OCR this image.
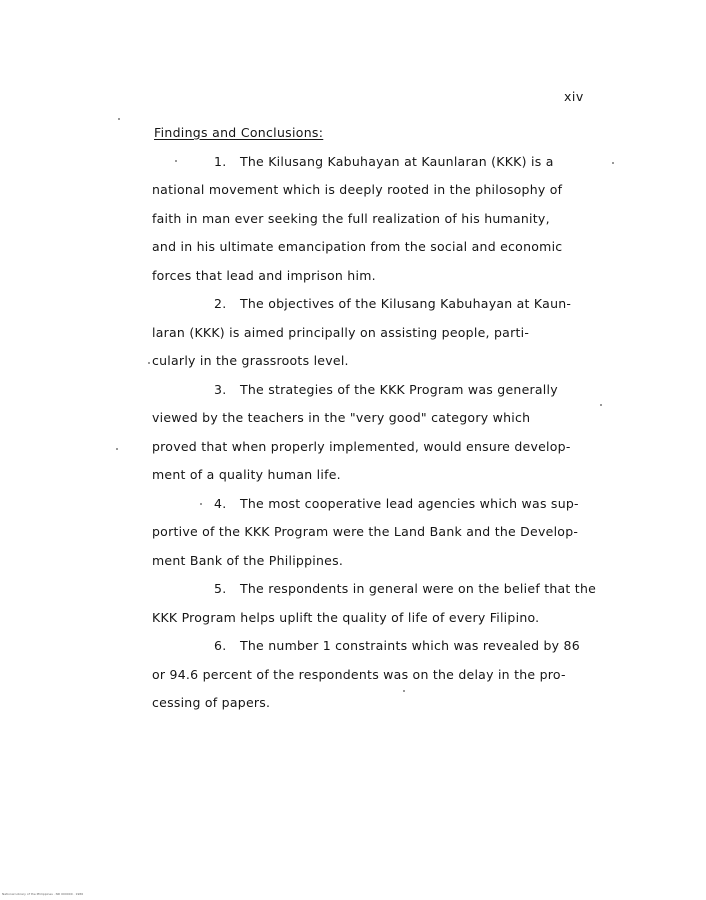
xiv
Findings and Conclusions:
1. The Kilusang Kabuhayan at Kaunlaran (KKK) is a
national movement which is deeply rooted in the philosophy of
faith in man ever seeking the full realization of his humanity,
and in his ultimate emancipation from the social and economic
forces that lead and imprison him.
2. The objectives of the Kilusang Kabuhayan at Kaun-
laran (KKK) is aimed principally on assisting people, parti-
cularly in the grassroots level.
3. The strategies of the KKK Program was generally
viewed by the teachers in the "very good" category which
proved that when properly implemented, would ensure develop-
ment of a quality human life.
4. The most cooperative lead agencies which was sup-
portive of the KKK Program were the Land Bank and the Develop-
ment Bank of the Philippines.
5. The respondents in general were on the belief that the
KKK Program helps uplift the quality of life of every Filipino.
6. The number 1 constraints which was revealed by 86
or 94.6 percent of the respondents was on the delay in the pro-
cessing of papers.
National Library of the Philippines · ND 000000 · 1986
